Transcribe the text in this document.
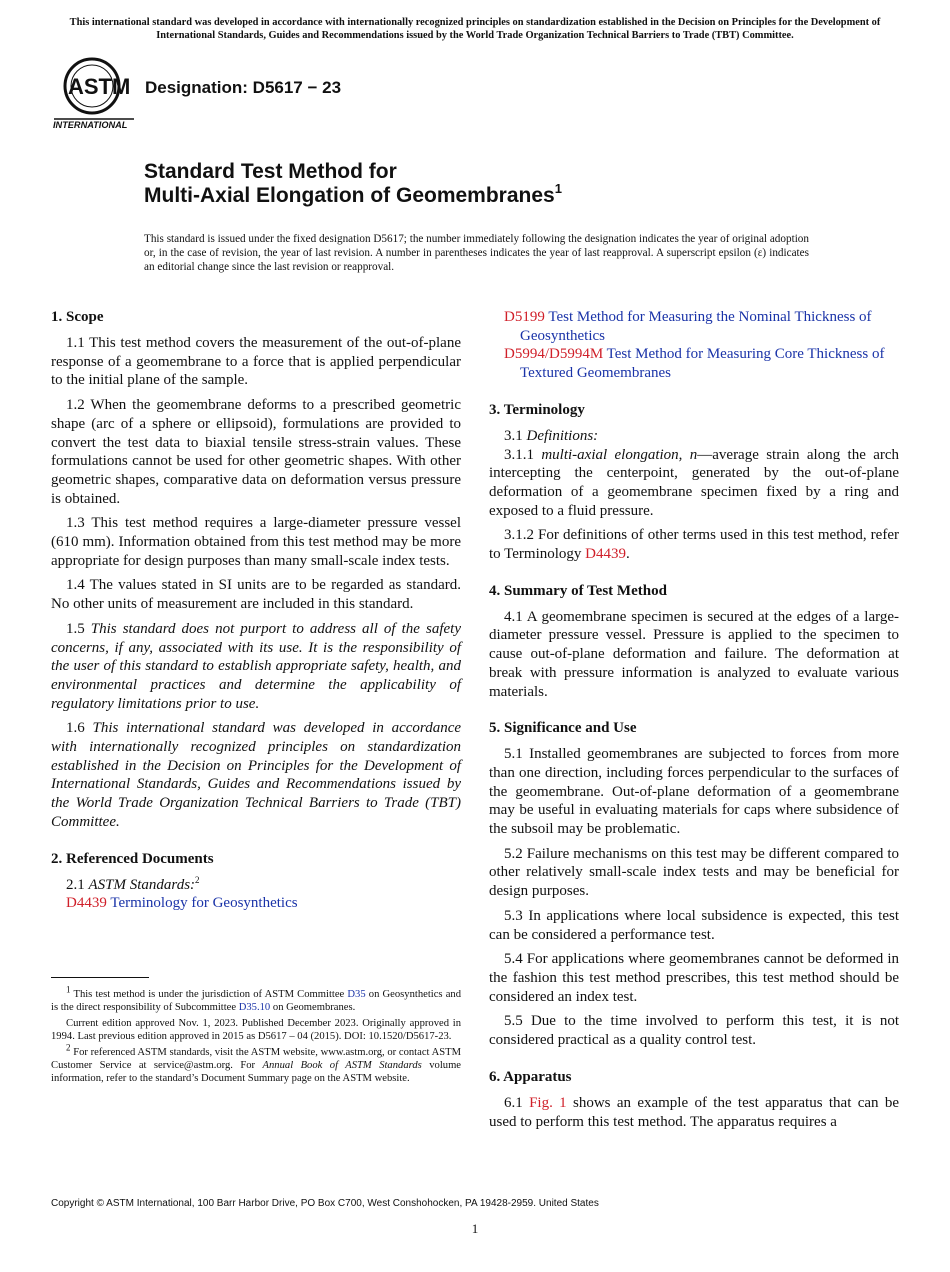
This international standard was developed in accordance with internationally recognized principles on standardization established in the Decision on Principles for the Development of International Standards, Guides and Recommendations issued by the World Trade Organization Technical Barriers to Trade (TBT) Committee.
ASTM
INTERNATIONAL
Designation: D5617 − 23
Standard Test Method for
Multi-Axial Elongation of Geomembranes$^1$
This standard is issued under the fixed designation D5617; the number immediately following the designation indicates the year of original adoption or, in the case of revision, the year of last revision. A number in parentheses indicates the year of last reapproval. A superscript epsilon (ε) indicates an editorial change since the last revision or reapproval.
1. Scope

1.1 This test method covers the measurement of the out-of-plane response of a geomembrane to a force that is applied perpendicular to the initial plane of the sample.

1.2 When the geomembrane deforms to a prescribed geometric shape (arc of a sphere or ellipsoid), formulations are provided to convert the test data to biaxial tensile stress-strain values. These formulations cannot be used for other geometric shapes. With other geometric shapes, comparative data on deformation versus pressure is obtained.

1.3 This test method requires a large-diameter pressure vessel (610 mm). Information obtained from this test method may be more appropriate for design purposes than many small-scale index tests.

1.4 The values stated in SI units are to be regarded as standard. No other units of measurement are included in this standard.

1.5 This standard does not purport to address all of the safety concerns, if any, associated with its use. It is the responsibility of the user of this standard to establish appropriate safety, health, and environmental practices and determine the applicability of regulatory limitations prior to use.

1.6 This international standard was developed in accordance with internationally recognized principles on standardization established in the Decision on Principles for the Development of International Standards, Guides and Recommendations issued by the World Trade Organization Technical Barriers to Trade (TBT) Committee.

2. Referenced Documents

2.1 ASTM Standards:$^2$

D4439 Terminology for Geosynthetics

$^1$ This test method is under the jurisdiction of ASTM Committee D35 on Geosynthetics and is the direct responsibility of Subcommittee D35.10 on Geomembranes.

Current edition approved Nov. 1, 2023. Published December 2023. Originally approved in 1994. Last previous edition approved in 2015 as D5617 – 04 (2015). DOI: 10.1520/D5617-23.

$^2$ For referenced ASTM standards, visit the ASTM website, www.astm.org, or contact ASTM Customer Service at service@astm.org. For Annual Book of ASTM Standards volume information, refer to the standard’s Document Summary page on the ASTM website.

D5199 Test Method for Measuring the Nominal Thickness of Geosynthetics
D5994/D5994M Test Method for Measuring Core Thickness of Textured Geomembranes
3. Terminology

3.1 Definitions:

3.1.1 multi-axial elongation, n—average strain along the arch intercepting the centerpoint, generated by the out-of-plane deformation of a geomembrane specimen fixed by a ring and exposed to a fluid pressure.

3.1.2 For definitions of other terms used in this test method, refer to Terminology D4439.

4. Summary of Test Method

4.1 A geomembrane specimen is secured at the edges of a large-diameter pressure vessel. Pressure is applied to the specimen to cause out-of-plane deformation and failure. The deformation at break with pressure information is analyzed to evaluate various materials.

5. Significance and Use

5.1 Installed geomembranes are subjected to forces from more than one direction, including forces perpendicular to the surfaces of the geomembrane. Out-of-plane deformation of a geomembrane may be useful in evaluating materials for caps where subsidence of the subsoil may be problematic.

5.2 Failure mechanisms on this test may be different compared to other relatively small-scale index tests and may be beneficial for design purposes.

5.3 In applications where local subsidence is expected, this test can be considered a performance test.

5.4 For applications where geomembranes cannot be deformed in the fashion this test method prescribes, this test method should be considered an index test.

5.5 Due to the time involved to perform this test, it is not considered practical as a quality control test.

6. Apparatus

6.1 Fig. 1 shows an example of the test apparatus that can be used to perform this test method. The apparatus requires a

Copyright © ASTM International, 100 Barr Harbor Drive, PO Box C700, West Conshohocken, PA 19428-2959. United States
1
